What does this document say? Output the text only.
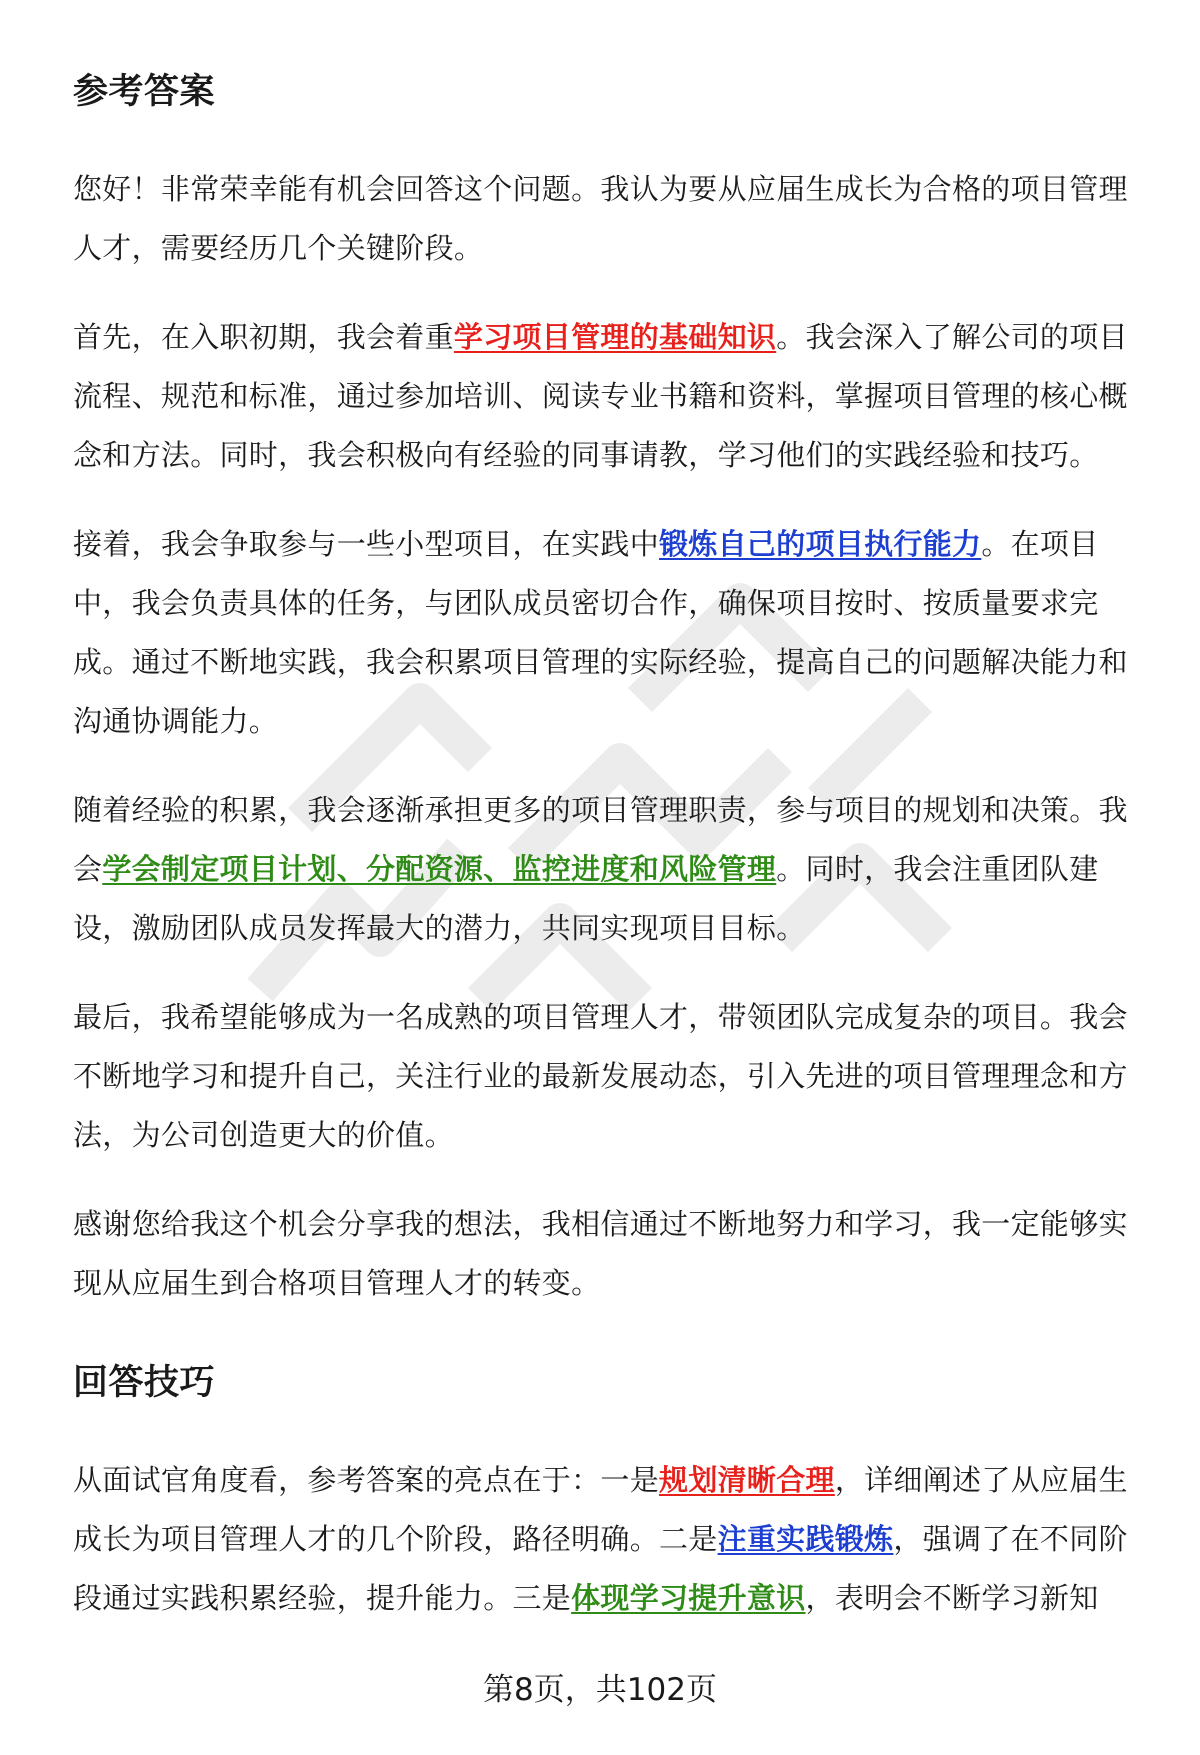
参考答案

您好！非常荣幸能有机会回答这个问题。我认为要从应届生成长为合格的项目管理人才，需要经历几个关键阶段。

首先，在入职初期，我会着重学习项目管理的基础知识。我会深入了解公司的项目流程、规范和标准，通过参加培训、阅读专业书籍和资料，掌握项目管理的核心概念和方法。同时，我会积极向有经验的同事请教，学习他们的实践经验和技巧。

接着，我会争取参与一些小型项目，在实践中锻炼自己的项目执行能力。在项目中，我会负责具体的任务，与团队成员密切合作，确保项目按时、按质量要求完成。通过不断地实践，我会积累项目管理的实际经验，提高自己的问题解决能力和沟通协调能力。

随着经验的积累，我会逐渐承担更多的项目管理职责，参与项目的规划和决策。我会学会制定项目计划、分配资源、监控进度和风险管理。同时，我会注重团队建设，激励团队成员发挥最大的潜力，共同实现项目目标。

最后，我希望能够成为一名成熟的项目管理人才，带领团队完成复杂的项目。我会不断地学习和提升自己，关注行业的最新发展动态，引入先进的项目管理理念和方法，为公司创造更大的价值。

感谢您给我这个机会分享我的想法，我相信通过不断地努力和学习，我一定能够实现从应届生到合格项目管理人才的转变。

回答技巧

从面试官角度看，参考答案的亮点在于：一是规划清晰合理，详细阐述了从应届生成长为项目管理人才的几个阶段，路径明确。二是注重实践锻炼，强调了在不同阶段通过实践积累经验，提升能力。三是体现学习提升意识，表明会不断学习新知

第8页，共102页
